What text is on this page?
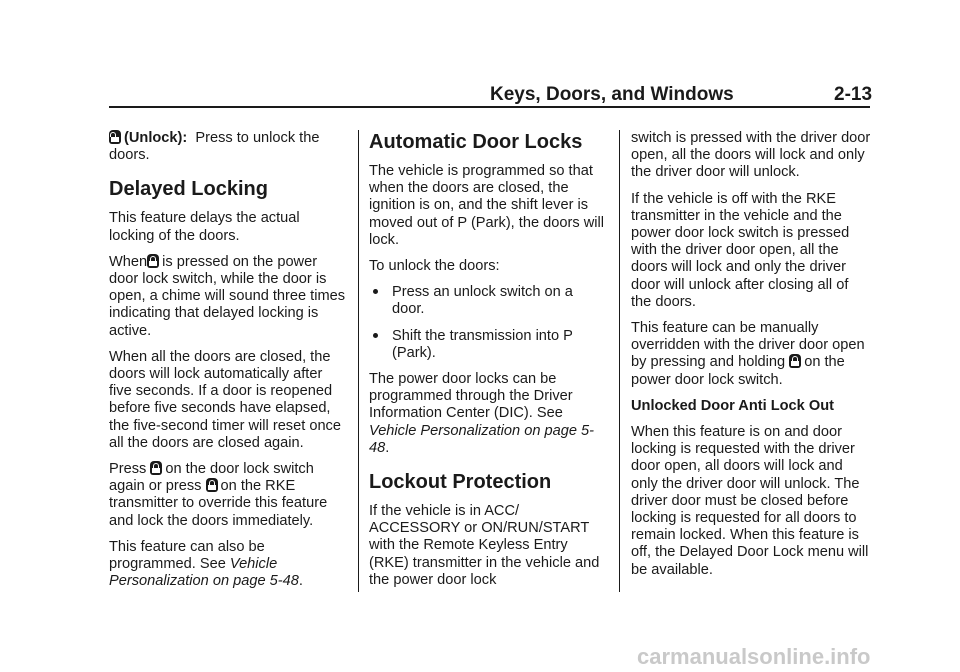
Keys, Doors, and Windows	2-13

(Unlock): Press to unlock the doors.

Delayed Locking

This feature delays the actual locking of the doors.

When is pressed on the power door lock switch, while the door is open, a chime will sound three times indicating that delayed locking is active.

When all the doors are closed, the doors will lock automatically after five seconds. If a door is reopened before five seconds have elapsed, the five-second timer will reset once all the doors are closed again.

Press on the door lock switch again or press on the RKE transmitter to override this feature and lock the doors immediately.

This feature can also be programmed. See Vehicle Personalization on page 5-48.

Automatic Door Locks

The vehicle is programmed so that when the doors are closed, the ignition is on, and the shift lever is moved out of P (Park), the doors will lock.

To unlock the doors:

Press an unlock switch on a door.
Shift the transmission into P (Park).

The power door locks can be programmed through the Driver Information Center (DIC). See Vehicle Personalization on page 5-48.

Lockout Protection

If the vehicle is in ACC/ ACCESSORY or ON/RUN/START with the Remote Keyless Entry (RKE) transmitter in the vehicle and the power door lock

switch is pressed with the driver door open, all the doors will lock and only the driver door will unlock.

If the vehicle is off with the RKE transmitter in the vehicle and the power door lock switch is pressed with the driver door open, all the doors will lock and only the driver door will unlock after closing all of the doors.

This feature can be manually overridden with the driver door open by pressing and holding on the power door lock switch.

Unlocked Door Anti Lock Out

When this feature is on and door locking is requested with the driver door open, all doors will lock and only the driver door will unlock. The driver door must be closed before locking is requested for all doors to remain locked. When this feature is off, the Delayed Door Lock menu will be available.

carmanualsonline.info
